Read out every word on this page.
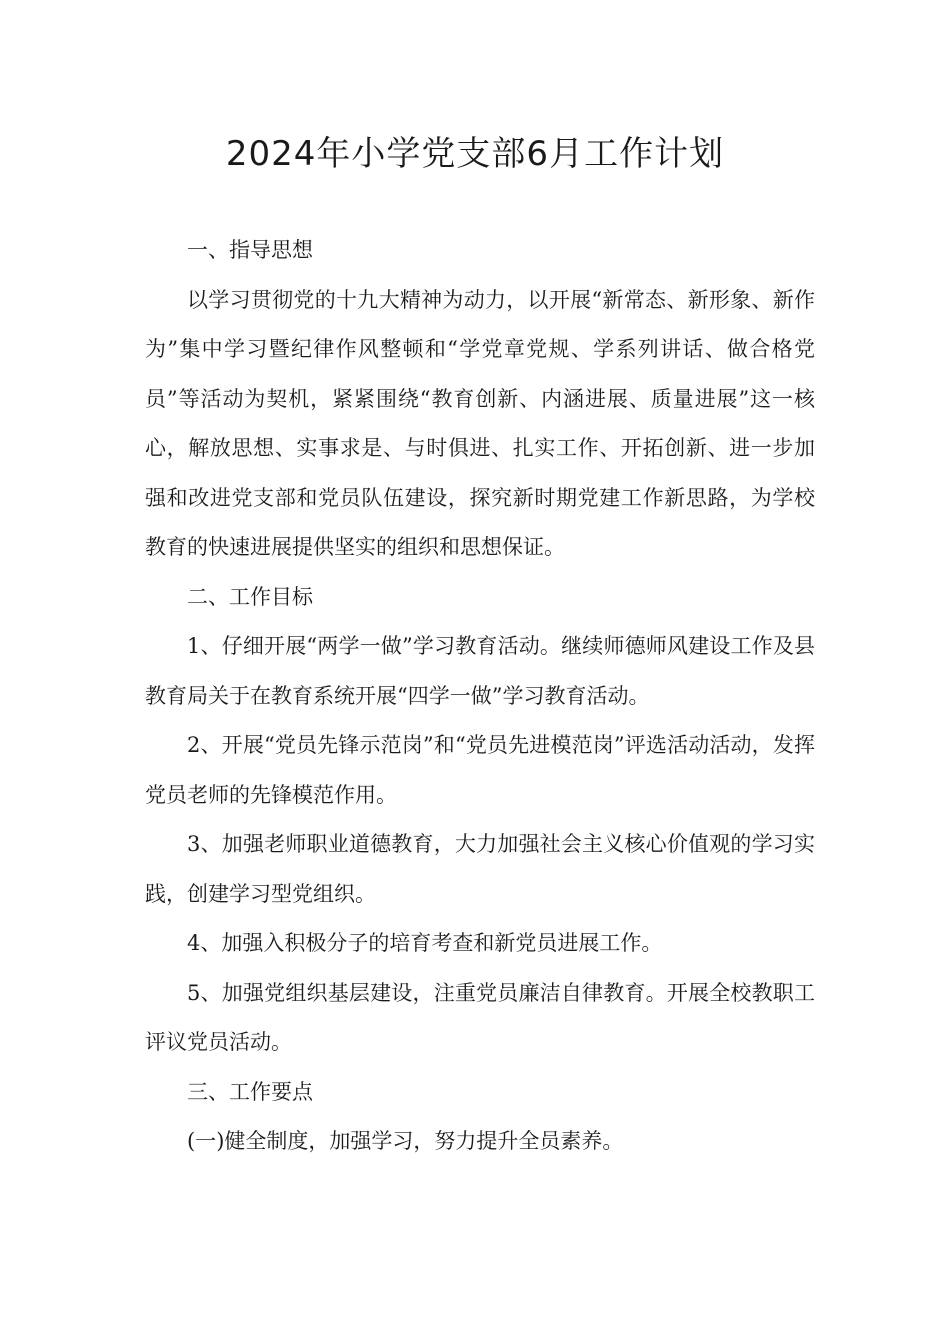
2024年小学党支部6月工作计划

一、指导思想

以学习贯彻党的十九大精神为动力，以开展“新常态、新形象、新作为”集中学习暨纪律作风整顿和“学党章党规、学系列讲话、做合格党员”等活动为契机，紧紧围绕“教育创新、内涵进展、质量进展”这一核心，解放思想、实事求是、与时俱进、扎实工作、开拓创新、进一步加强和改进党支部和党员队伍建设，探究新时期党建工作新思路，为学校教育的快速进展提供坚实的组织和思想保证。

二、工作目标

1、仔细开展“两学一做”学习教育活动。继续师德师风建设工作及县教育局关于在教育系统开展“四学一做”学习教育活动。

2、开展“党员先锋示范岗”和“党员先进模范岗”评选活动活动，发挥党员老师的先锋模范作用。

3、加强老师职业道德教育，大力加强社会主义核心价值观的学习实践，创建学习型党组织。

4、加强入积极分子的培育考查和新党员进展工作。

5、加强党组织基层建设，注重党员廉洁自律教育。开展全校教职工评议党员活动。

三、工作要点

(一)健全制度，加强学习，努力提升全员素养。
